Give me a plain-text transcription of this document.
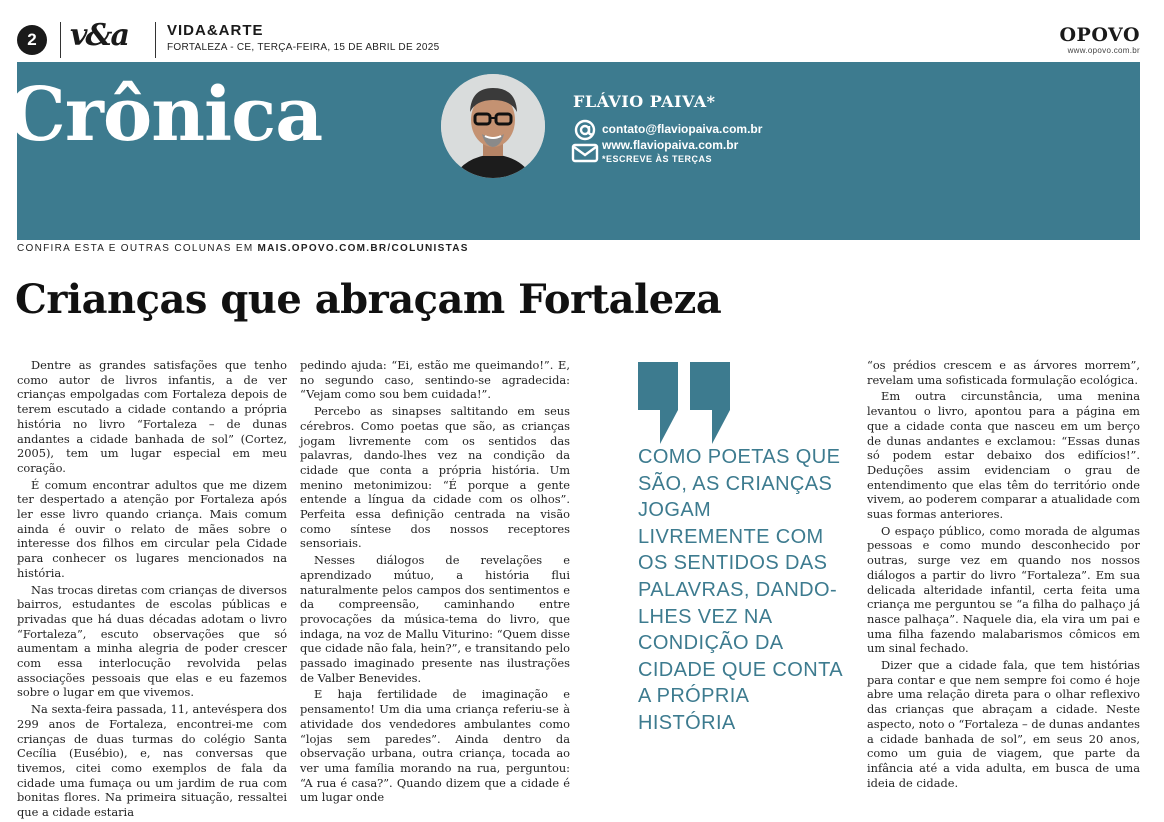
2	v&a	VIDA&ARTE
FORTALEZA - CE, TERÇA-FEIRA, 15 DE ABRIL DE 2025
OPOVO
www.opovo.com.br
Crônica	FLÁVIO PAIVA*
contato@flaviopaiva.com.br
www.flaviopaiva.com.br
*ESCREVE ÀS TERÇAS
CONFIRA ESTA E OUTRAS COLUNAS EM MAIS.OPOVO.COM.BR/COLUNISTAS
Crianças que abraçam Fortaleza

Dentre as grandes satisfações que tenho como autor de livros infantis, a de ver crianças empolgadas com Fortaleza depois de terem escutado a cidade contando a própria história no livro “Fortaleza – de dunas andantes a cidade banhada de sol” (Cortez, 2005), tem um lugar especial em meu coração.

É comum encontrar adultos que me dizem ter despertado a atenção por Fortaleza após ler esse livro quando criança. Mais comum ainda é ouvir o relato de mães sobre o interesse dos filhos em circular pela Cidade para conhecer os lugares mencionados na história.

Nas trocas diretas com crianças de diversos bairros, estudantes de escolas públicas e privadas que há duas décadas adotam o livro “Fortaleza”, escuto observações que só aumentam a minha alegria de poder crescer com essa interlocução revolvida pelas associações pessoais que elas e eu fazemos sobre o lugar em que vivemos.

Na sexta-feira passada, 11, antevéspera dos 299 anos de Fortaleza, encontrei-me com crianças de duas turmas do colégio Santa Cecília (Eusébio), e, nas conversas que tivemos, citei como exemplos de fala da cidade uma fumaça ou um jardim de rua com bonitas flores. Na primeira situação, ressaltei que a cidade estaria

pedindo ajuda: “Ei, estão me queimando!”. E, no segundo caso, sentindo-se agradecida: “Vejam como sou bem cuidada!”.

Percebo as sinapses saltitando em seus cérebros. Como poetas que são, as crianças jogam livremente com os sentidos das palavras, dando-lhes vez na condição da cidade que conta a própria história. Um menino metonimizou: “É porque a gente entende a língua da cidade com os olhos”. Perfeita essa definição centrada na visão como síntese dos nossos receptores sensoriais.

Nesses diálogos de revelações e aprendizado mútuo, a história flui naturalmente pelos campos dos sentimentos e da compreensão, caminhando entre provocações da música-tema do livro, que indaga, na voz de Mallu Viturino: “Quem disse que cidade não fala, hein?”, e transitando pelo passado imaginado presente nas ilustrações de Valber Benevides.

E haja fertilidade de imaginação e pensamento! Um dia uma criança referiu-se à atividade dos vendedores ambulantes como “lojas sem paredes”. Ainda dentro da observação urbana, outra criança, tocada ao ver uma família morando na rua, perguntou: “A rua é casa?”. Quando dizem que a cidade é um lugar onde

COMO POETAS QUE SÃO, AS CRIANÇAS JOGAM LIVREMENTE COM OS SENTIDOS DAS PALAVRAS, DANDO-LHES VEZ NA CONDIÇÃO DA CIDADE QUE CONTA A PRÓPRIA HISTÓRIA

“os prédios crescem e as árvores morrem”, revelam uma sofisticada formulação ecológica.

Em outra circunstância, uma menina levantou o livro, apontou para a página em que a cidade conta que nasceu em um berço de dunas andantes e exclamou: “Essas dunas só podem estar debaixo dos edifícios!”. Deduções assim evidenciam o grau de entendimento que elas têm do território onde vivem, ao poderem comparar a atualidade com suas formas anteriores.

O espaço público, como morada de algumas pessoas e como mundo desconhecido por outras, surge vez em quando nos nossos diálogos a partir do livro “Fortaleza”. Em sua delicada alteridade infantil, certa feita uma criança me perguntou se “a filha do palhaço já nasce palhaça”. Naquele dia, ela vira um pai e uma filha fazendo malabarismos cômicos em um sinal fechado.

Dizer que a cidade fala, que tem histórias para contar e que nem sempre foi como é hoje abre uma relação direta para o olhar reflexivo das crianças que abraçam a cidade. Neste aspecto, noto o “Fortaleza – de dunas andantes a cidade banhada de sol”, em seus 20 anos, como um guia de viagem, que parte da infância até a vida adulta, em busca de uma ideia de cidade.
